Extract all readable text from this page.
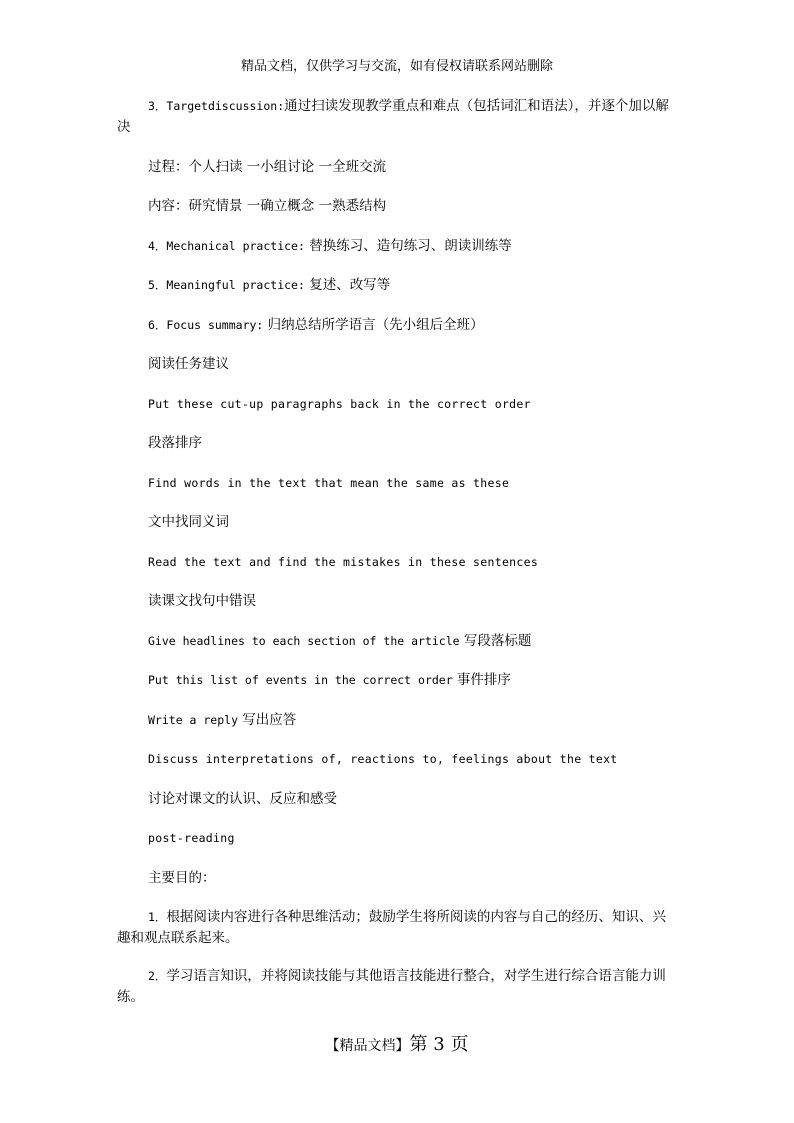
精品文档，仅供学习与交流，如有侵权请联系网站删除

3．Targetdiscussion:通过扫读发现教学重点和难点（包括词汇和语法），并逐个加以解决

过程：个人扫读 一小组讨论 一全班交流

内容：研究情景 一确立概念 一熟悉结构

4．Mechanical practice: 替换练习、造句练习、朗读训练等

5．Meaningful practice: 复述、改写等

6．Focus summary: 归纳总结所学语言（先小组后全班）

阅读任务建议

Put these cut-up paragraphs back in the correct order

段落排序

Find words in the text that mean the same as these

文中找同义词

Read the text and find the mistakes in these sentences

读课文找句中错误

Give headlines to each section of the article 写段落标题

Put this list of events in the correct order 事件排序

Write a reply 写出应答

Discuss interpretations of, reactions to, feelings about the text

讨论对课文的认识、反应和感受

post-reading

主要目的：

1．根据阅读内容进行各种思维活动；鼓励学生将所阅读的内容与自己的经历、知识、兴趣和观点联系起来。

2．学习语言知识，并将阅读技能与其他语言技能进行整合，对学生进行综合语言能力训练。

【精品文档】第 3 页
